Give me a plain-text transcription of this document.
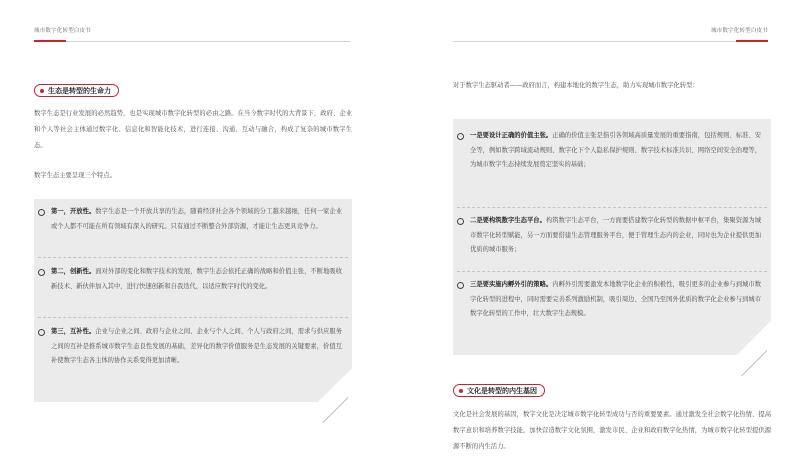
城市数字化转型白皮书
生态是转型的生命力
数字生态是行业发展的必然趋势，也是实现城市数字化转型的必由之路。在当今数字时代的大背景下，政府、企业和个人等社会主体通过数字化、信息化和智能化技术，进行连接、沟通、互动与融合，构成了复杂的城市数字生态。
数字生态主要呈现三个特点。
第一，开放性。数字生态是一个开放共享的生态，随着经济社会各个领域的分工越来越细，任何一家企业或个人都不可能在所有领域有深入的研究。只有通过不断整合外部资源，才能让生态更具竞争力。
第二，创新性。面对外部的变化和数字技术的发展，数字生态会依托正确的战略和价值主张，不断地吸收新技术、新伙伴加入其中，进行快速创新和自我迭代，以适应数字时代的变化。
第三，互补性。企业与企业之间、政府与企业之间、企业与个人之间、个人与政府之间，需求与供应服务之间的互补是推系城市数字生态良性发展的基础，差异化的数字价值服务是生态发展的关键要素，价值互补使数字生态各主体的协作关系变得更加清晰。
城市数字化转型白皮书
对于数字生态驱动者——政府而言，构建本地化的数字生态，助力实现城市数字化转型：
一是要设计正确的价值主张。正确的价值主张是指引各领域高质量发展的重要指南，包括规则、标准、安全等，例如数字跨域流动规则、数字化下个人隐私保护规则、数字技术标准共识、网络空间安全治理等，为城市数字生态持续发展奠定坚实的基础；
二是要构筑数字生态平台。构筑数字生态平台，一方面要搭建数字化转型的数据中枢平台，集聚资源为城市数字化转型赋能，另一方面要搭建生态管理服务平台，便于管理生态内的企业，同时也为企业提供更加优质的城市服务；
三是要实施内孵外引的策略。内孵外引需要激发本地数字化企业的积极性，吸引更多的企业参与到城市数字化转型的进程中，同时需要完善系列激励机制，吸引周边、全国乃至国外优质的数字化企业参与到城市数字化转型的工作中，壮大数字生态规模。
文化是转型的内生基因
文化是社会发展的基因，数字文化是决定城市数字化转型成功与否的重要要素。通过激发全社会数字化热情、提高数字意识和培养数字技能，加快营造数字文化氛围，激发市民、企业和政府数字化热情，为城市数字化转型提供源源不断的内生活力。
